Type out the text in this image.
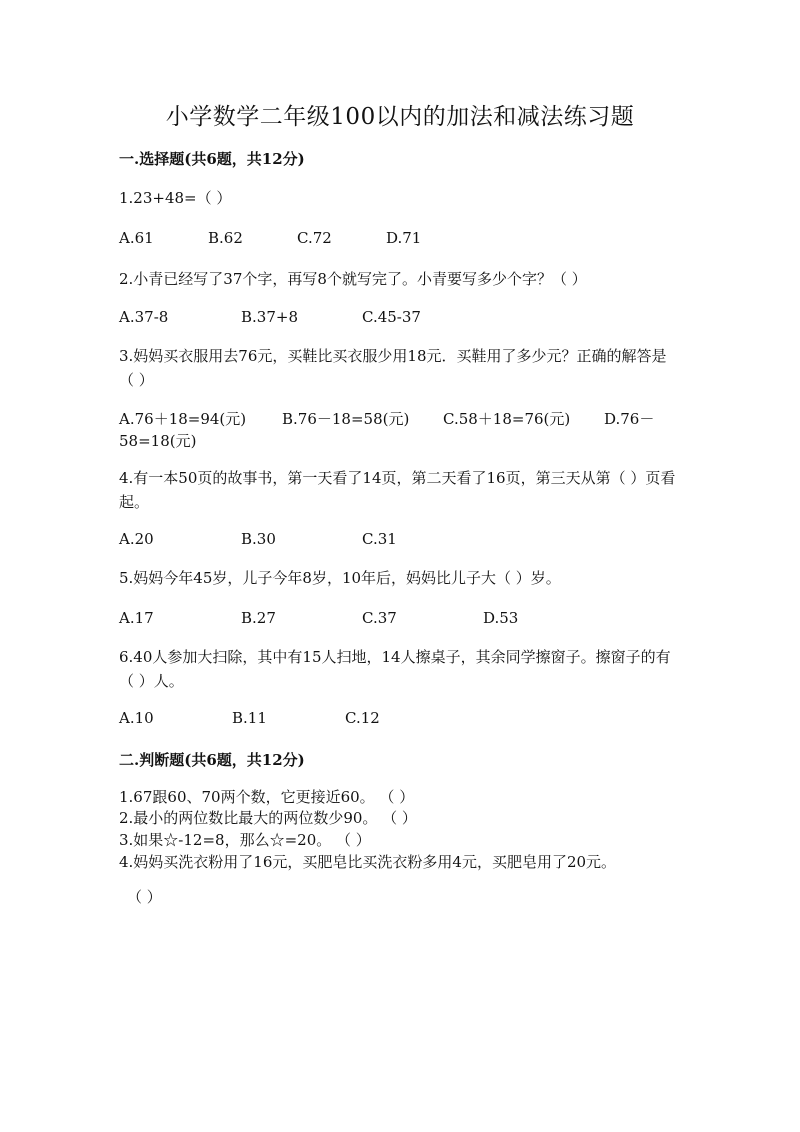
小学数学二年级100以内的加法和减法练习题
一.选择题(共6题，共12分)
1.23+48=（ ）
A.61	B.62	C.72	D.71
2.小青已经写了37个字，再写8个就写完了。小青要写多少个字？（ ）
A.37-8	B.37+8	C.45-37
3.妈妈买衣服用去76元，买鞋比买衣服少用18元．买鞋用了多少元？正确的解答是（ ）
A.76＋18=94(元) B.76－18=58(元) C.58＋18=76(元) D.76－
58=18(元)
4.有一本50页的故事书，第一天看了14页，第二天看了16页，第三天从第（ ）页看起。
A.20	B.30	C.31
5.妈妈今年45岁，儿子今年8岁，10年后，妈妈比儿子大（ ）岁。
A.17	B.27	C.37	D.53
6.40人参加大扫除，其中有15人扫地，14人擦桌子，其余同学擦窗子。擦窗子的有（ ）人。
A.10	B.11	C.12
二.判断题(共6题，共12分)
1.67跟60、70两个数，它更接近60。 （ ）
2.最小的两位数比最大的两位数少90。 （ ）
3.如果☆-12=8，那么☆=20。 （ ）
4.妈妈买洗衣粉用了16元，买肥皂比买洗衣粉多用4元，买肥皂用了20元。
（ ）
